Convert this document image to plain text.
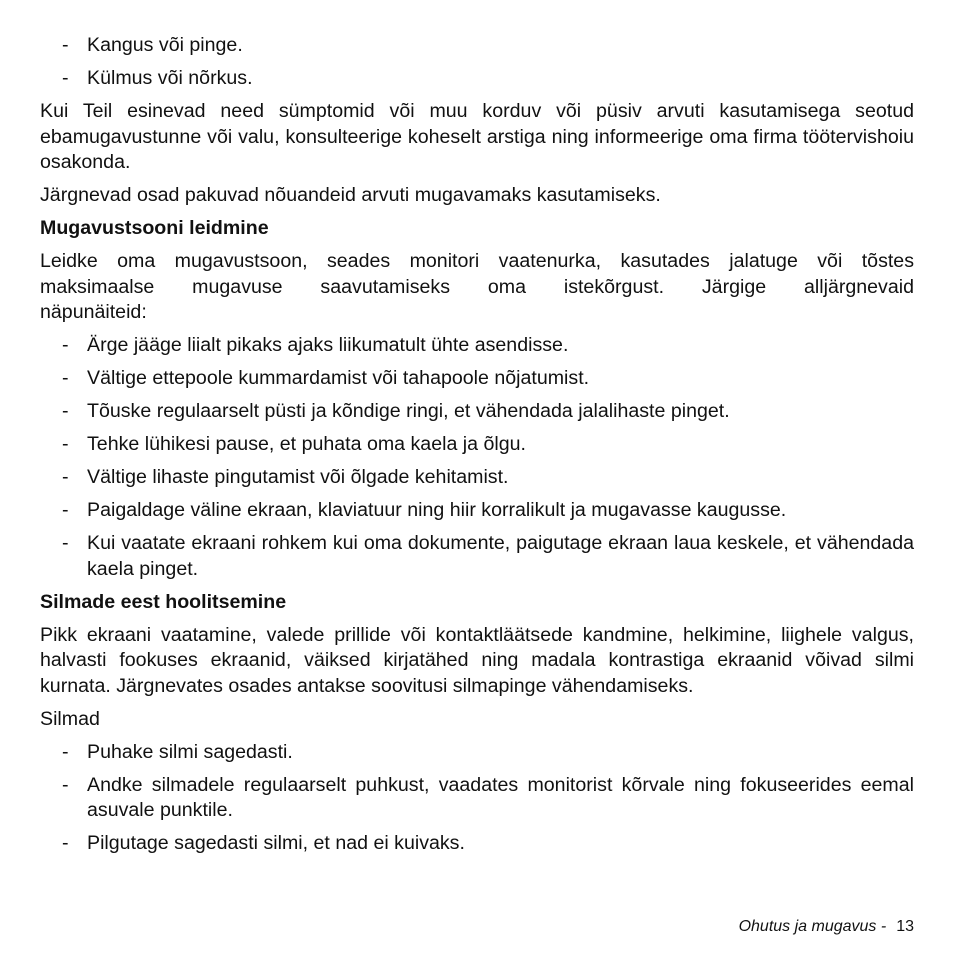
- Kangus või pinge.
- Külmus või nõrkus.
Kui Teil esinevad need sümptomid või muu korduv või püsiv arvuti kasutamisega seotud ebamugavustunne või valu, konsulteerige koheselt arstiga ning informeerige oma firma töötervishoiu osakonda.
Järgnevad osad pakuvad nõuandeid arvuti mugavamaks kasutamiseks.
Mugavustsooni leidmine
Leidke oma mugavustsoon, seades monitori vaatenurka, kasutades jalatuge või tõstes
maksimaalse mugavuse saavutamiseks oma istekõrgust. Järgige alljärgnevaid
näpunäiteid:
- Ärge jääge liialt pikaks ajaks liikumatult ühte asendisse.
- Vältige ettepoole kummardamist või tahapoole nõjatumist.
- Tõuske regulaarselt püsti ja kõndige ringi, et vähendada jalalihaste pinget.
- Tehke lühikesi pause, et puhata oma kaela ja õlgu.
- Vältige lihaste pingutamist või õlgade kehitamist.
- Paigaldage väline ekraan, klaviatuur ning hiir korralikult ja mugavasse kaugusse.
- Kui vaatate ekraani rohkem kui oma dokumente, paigutage ekraan laua keskele, et vähendada kaela pinget.
Silmade eest hoolitsemine
Pikk ekraani vaatamine, valede prillide või kontaktläätsede kandmine, helkimine, liighele valgus, halvasti fookuses ekraanid, väiksed kirjatähed ning madala kontrastiga ekraanid võivad silmi kurnata. Järgnevates osades antakse soovitusi silmapinge vähendamiseks.
Silmad
- Puhake silmi sagedasti.
- Andke silmadele regulaarselt puhkust, vaadates monitorist kõrvale ning fokuseerides eemal asuvale punktile.
- Pilgutage sagedasti silmi, et nad ei kuivaks.
Ohutus ja mugavus - 13
